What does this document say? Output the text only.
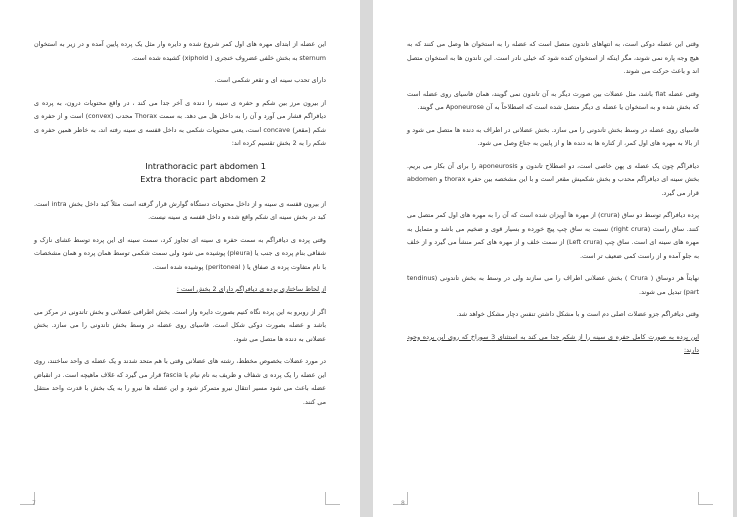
این عضله از ابتدای مهره های اول کمر شروع شده و دایره وار مثل یک پرده پایین آمده و در زیر به استخوان sternum به بخش خلفی غضروف خنجری ( xiphoid) کشیده شده است.

دارای تحدب سینه ای و تقعر شکمی است.

از بیرون مرز بین شکم و حفره ی سینه را دنده ی آخر جدا می کند ، در واقع محتویات درون، به پرده ی دیافراگم فشار می آورد و آن را به داخل هل می دهد. به سمت Thorax محدب (convex) است و از حفره ی شکم (مقعر) concave است، یعنی محتویات شکمی به داخل قفسه ی سینه رفته اند، به خاطر همین حفره ی شکم را به 2 بخش تقسیم کرده اند:

Intrathoracic part abdomen 1
Extra thoracic part abdomen 2

از بیرون قفسه ی سینه و از داخل محتویات دستگاه گوارش قرار گرفته است مثلاً کبد داخل بخش intra است. کبد در بخش سینه ای شکم واقع شده و داخل قفسه ی سینه نیست.

وقتی پرده ی دیافراگم به سمت حفره ی سینه ای تجاوز کرد، سمت سینه ای این پرده توسط غشای نازک و شفافی بنام پرده ی جنب یا (pleura) پوشیده می شود ولی سمت شکمی توسط همان پرده و همان مشخصات با نام متفاوت پرده ی صفاق یا ( peritoneal) پوشیده شده است.

از لحاظ ساختاری پرده ی دیافراگم دارای 2 بخش است :

اگر از روبرو به این پرده نگاه کنیم بصورت دایره وار است. بخش اطرافی عضلانی و بخش تاندونی در مرکز می باشد و عضله بصورت دوکی شکل است. فاسیای روی عضله در وسط بخش تاندونی را می سازد. بخش عضلانی به دنده ها متصل می شود.

در مورد عضلات بخصوص مخطط، رشته های عضلانی وقتی با هم متحد شدند و یک عضله ی واحد ساختند، روی این عضله را یک پرده ی شفاف و ظریف به نام نیام یا fascia قرار می گیرد که غلاف ماهیچه است. در انقباض عضله باعث می شود مسیر انتقال نیرو متمرکز شود و این عضله ها نیرو را به یک بخش با قدرت واحد منتقل می کنند.

7

وقتی این عضله دوکی است، به انتهاهای تاندون متصل است که عضله را به استخوان ها وصل می کنند که به هیچ وجه پاره نمی شوند، مگر اینکه از استخوان کنده شود که خیلی نادر است. این تاندون ها به استخوان متصل اند و باعث حرکت می شوند.

وقتی عضله flat باشد، مثل عضلات بین صورت دیگر به آن تاندون نمی گویند، همان فاسیای روی عضله است که بخش شده و به استخوان یا عضله ی دیگر متصل شده است که اصطلاحاً به آن Aponeurose می گویند.

فاسیای روی عضله در وسط بخش تاندونی را می سازد. بخش عضلانی در اطراف به دنده ها متصل می شود و از بالا به مهره های اول کمر، از کناره ها به دنده ها و از پایین به جناغ وصل می شود.

دیافراگم چون یک عضله ی پهن خاصی است، دو اصطلاح تاندون و aponeurosis را برای آن بکار می بریم. بخش سینه ای دیافراگم محدب و بخش شکمیش مقعر است و با این مشخصه بین حفره thorax و abdomen قرار می گیرد.

پرده دیافراگم توسط دو ساق (crura) از مهره ها آویزان شده است که آن را به مهره های اول کمر متصل می کنند. ساق راست (right crura) نسبت به ساق چپ پیچ خورده و بسیار قوی و ضخیم می باشد و متمایل به مهره های سینه ای است. ساق چپ (Left crura) از سمت خلف و از مهره های کمر منشأ می گیرد و از خلف به جلو آمده و از راست کمی ضعیف تر است.

نهایتاً هر دوساق ( Crura ) بخش عضلانی اطراف را می سازند ولی در وسط به بخش تاندونی (tendinus part) تبدیل می شوند.

وقتی دیافراگم جزو عضلات اصلی دم است و با مشکل داشتن تنفس دچار مشکل خواهد شد.

این پرده به صورت کامل حفره ی سینه را از شکم جدا می کند به استثنای 3 سوراخ که روی این پرده وجود دارند:

8
